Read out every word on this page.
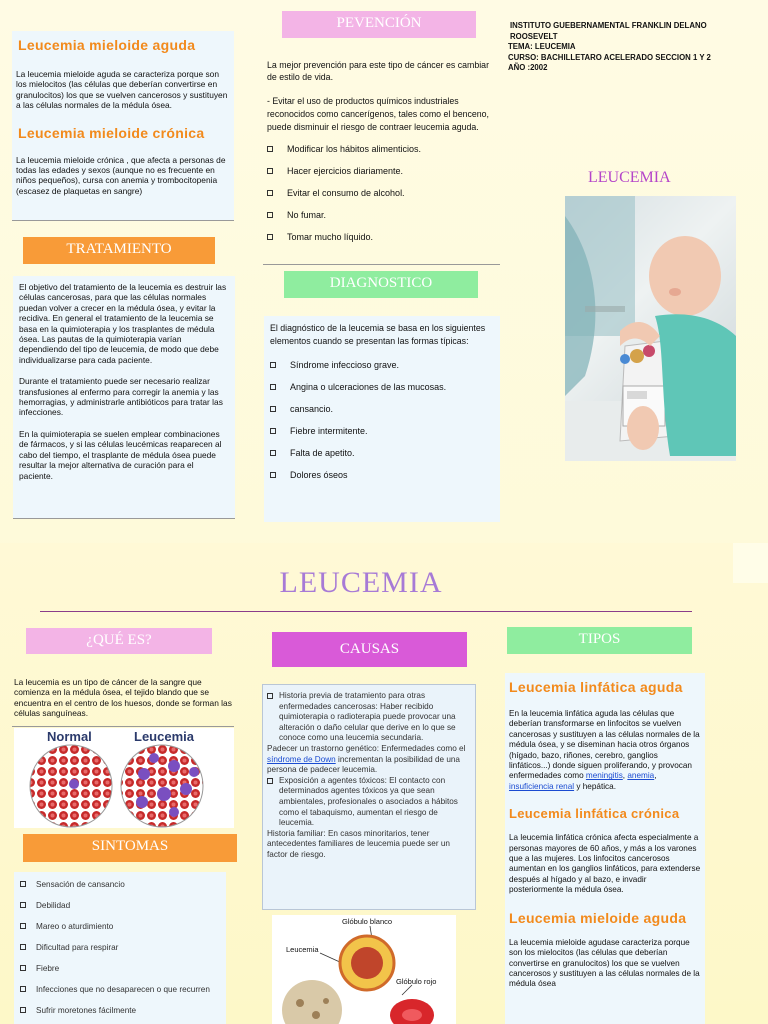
Leucemia mieloide aguda
La leucemia mieloide aguda se caracteriza porque son los mielocitos (las células que deberían convertirse en granulocitos) los que se vuelven cancerosos y sustituyen a las células normales de la médula ósea.
Leucemia mieloide crónica
La leucemia mieloide crónica , que afecta a personas de todas las edades y sexos (aunque no es frecuente en niños pequeños), cursa con anemia y trombocitopenia (escasez de plaquetas en sangre)
TRATAMIENTO
El objetivo del tratamiento de la leucemia es destruir las células cancerosas, para que las células normales puedan volver a crecer en la médula ósea, y evitar la recidiva. En general el tratamiento de la leucemia se basa en la quimioterapia y los trasplantes de médula ósea. Las pautas de la quimioterapia varían dependiendo del tipo de leucemia, de modo que debe individualizarse para cada paciente.
Durante el tratamiento puede ser necesario realizar transfusiones al enfermo para corregir la anemia y las hemorragias, y administrarle antibióticos para tratar las infecciones.
En la quimioterapia se suelen emplear combinaciones de fármacos, y si las células leucémicas reaparecen al cabo del tiempo, el trasplante de médula ósea puede resultar la mejor alternativa de curación para el paciente.
PEVENCIÓN
La mejor prevención para este tipo de cáncer es cambiar de estilo de vida.
- Evitar el uso de productos químicos industriales reconocidos como cancerígenos, tales como el benceno, puede disminuir el riesgo de contraer leucemia aguda.
Modificar los hábitos alimenticios.
Hacer ejercicios diariamente.
Evitar el consumo de alcohol.
No fumar.
Tomar mucho líquido.
DIAGNOSTICO
El diagnóstico de la leucemia se basa en los siguientes elementos cuando se presentan las formas típicas:
Síndrome infeccioso grave.
Angina o ulceraciones de las mucosas.
cansancio.
Fiebre intermitente.
Falta de apetito.
Dolores óseos
INSTITUTO GUEBERNAMENTAL FRANKLIN DELANO ROOSEVELT
TEMA: LEUCEMIA
CURSO: BACHILLETARO ACELERADO SECCION 1 Y 2
AÑO :2002
LEUCEMIA
LEUCEMIA
¿QUÉ ES?
La leucemia es un tipo de cáncer de la sangre que comienza en la médula ósea, el tejido blando que se encuentra en el centro de los huesos, donde se forman las células sanguíneas.
Normal	Leucemia
SINTOMAS
Sensación de cansancio
Debilidad
Mareo o aturdimiento
Dificultad para respirar
Fiebre
Infecciones que no desaparecen o que recurren
Sufrir moretones fácilmente
CAUSAS
Historia previa de tratamiento para otras enfermedades cancerosas: Haber recibido quimioterapia o radioterapia puede provocar una alteración o daño celular que derive en lo que se conoce como una leucemia secundaria.
Padecer un trastorno genético: Enfermedades como el síndrome de Down incrementan la posibilidad de una persona de padecer leucemia.
Exposición a agentes tóxicos: El contacto con determinados agentes tóxicos ya que sean ambientales, profesionales o asociados a hábitos como el tabaquismo, aumentan el riesgo de leucemia.
Historia familiar: En casos minoritarios, tener antecedentes familiares de leucemia puede ser un factor de riesgo.
Glóbulo blanco
Leucemia
Glóbulo rojo
TIPOS
Leucemia linfática aguda
En la leucemia linfática aguda las células que deberían transformarse en linfocitos se vuelven cancerosas y sustituyen a las células normales de la médula ósea, y se diseminan hacia otros órganos (hígado, bazo, riñones, cerebro, ganglios linfáticos...) donde siguen proliferando, y provocan enfermedades como meningitis, anemia, insuficiencia renal y hepática.
Leucemia linfática crónica
La leucemia linfática crónica afecta especialmente a personas mayores de 60 años, y más a los varones que a las mujeres. Los linfocitos cancerosos aumentan en los ganglios linfáticos, para extenderse después al hígado y al bazo, e invadir posteriormente la médula ósea.
Leucemia mieloide aguda
La leucemia mieloide agudase caracteriza porque son los mielocitos (las células que deberían convertirse en granulocitos) los que se vuelven cancerosos y sustituyen a las células normales de la médula ósea
